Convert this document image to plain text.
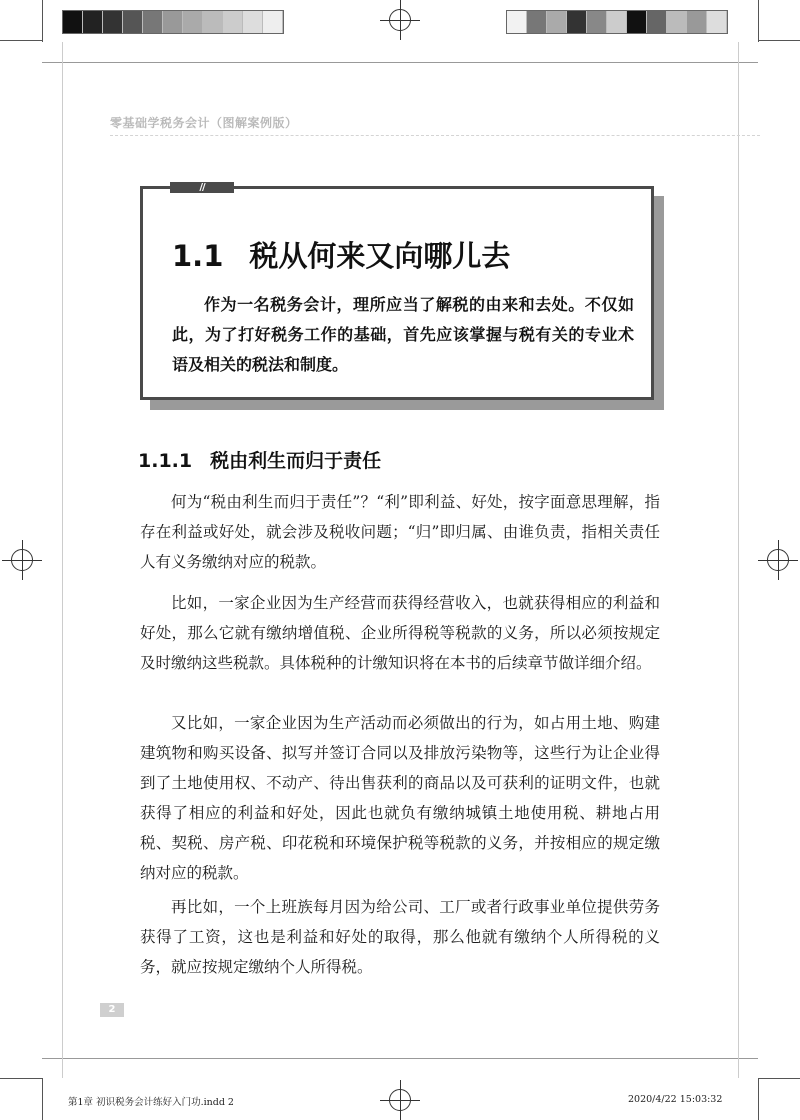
零基础学税务会计（图解案例版）
//
1.1 税从何来又向哪儿去

作为一名税务会计，理所应当了解税的由来和去处。不仅如此，为了打好税务工作的基础，首先应该掌握与税有关的专业术语及相关的税法和制度。

1.1.1 税由利生而归于责任

何为“税由利生而归于责任”？“利”即利益、好处，按字面意思理解，指存在利益或好处，就会涉及税收问题；“归”即归属、由谁负责，指相关责任人有义务缴纳对应的税款。

比如，一家企业因为生产经营而获得经营收入，也就获得相应的利益和好处，那么它就有缴纳增值税、企业所得税等税款的义务，所以必须按规定及时缴纳这些税款。具体税种的计缴知识将在本书的后续章节做详细介绍。

又比如，一家企业因为生产活动而必须做出的行为，如占用土地、购建建筑物和购买设备、拟写并签订合同以及排放污染物等，这些行为让企业得到了土地使用权、不动产、待出售获利的商品以及可获利的证明文件，也就获得了相应的利益和好处，因此也就负有缴纳城镇土地使用税、耕地占用税、契税、房产税、印花税和环境保护税等税款的义务，并按相应的规定缴纳对应的税款。

再比如，一个上班族每月因为给公司、工厂或者行政事业单位提供劳务获得了工资，这也是利益和好处的取得，那么他就有缴纳个人所得税的义务，就应按规定缴纳个人所得税。

2
第1章 初识税务会计练好入门功.indd 2	2020/4/22 15:03:32
